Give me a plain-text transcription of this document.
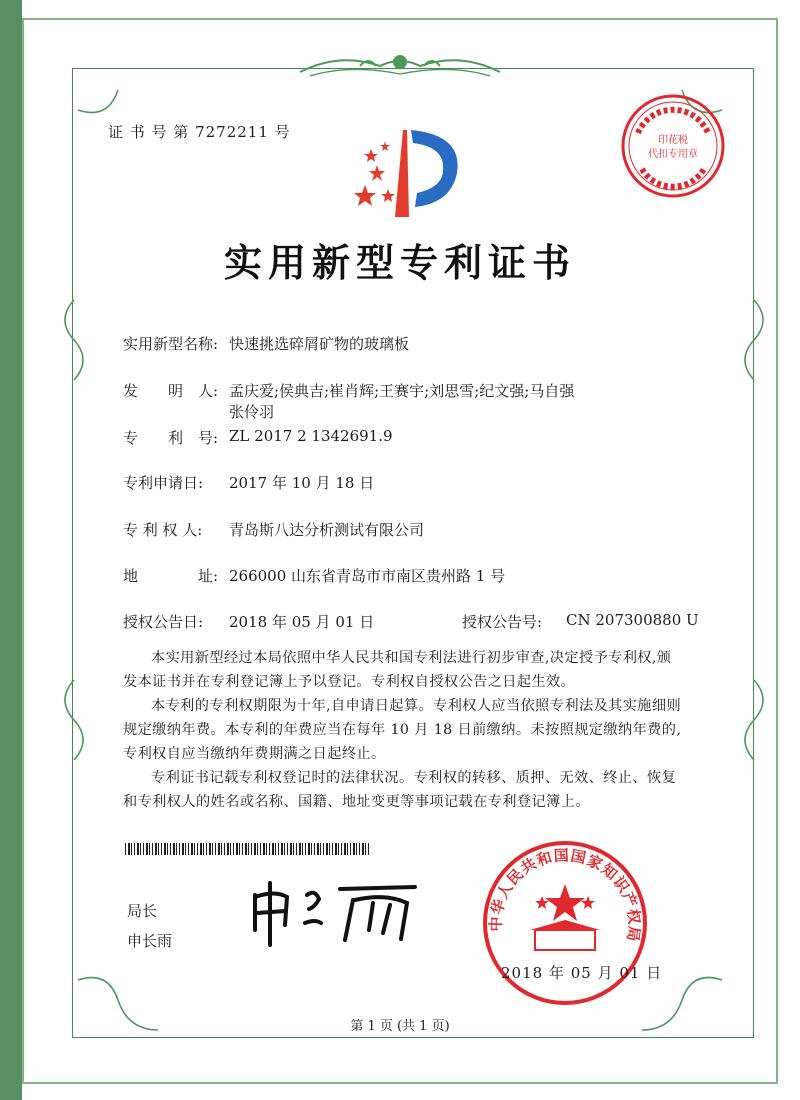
证 书 号 第 7272211 号	印花税
代扣专用章
实用新型专利证书
实用新型名称: 快速挑选碎屑矿物的玻璃板
发　　明　人: 孟庆爱;侯典吉;崔肖辉;王赛宇;刘思雪;纪文强;马自强
张伶羽
专　　利　号: ZL 2017 2 1342691.9
专利申请日: 2017 年 10 月 18 日
专 利 权 人: 青岛斯八达分析测试有限公司
地　　　　址: 266000 山东省青岛市市南区贵州路 1 号
授权公告日: 2018 年 05 月 01 日	授权公告号: CN 207300880 U

本实用新型经过本局依照中华人民共和国专利法进行初步审查,决定授予专利权,颁发本证书并在专利登记簿上予以登记。专利权自授权公告之日起生效。

本专利的专利权期限为十年,自申请日起算。专利权人应当依照专利法及其实施细则规定缴纳年费。本专利的年费应当在每年 10 月 18 日前缴纳。未按照规定缴纳年费的,专利权自应当缴纳年费期满之日起终止。

专利证书记载专利权登记时的法律状况。专利权的转移、质押、无效、终止、恢复和专利权人的姓名或名称、国籍、地址变更等事项记载在专利登记簿上。

局长
申长雨
中华人民共和国国家知识产权局
2018 年 05 月 01 日
第 1 页 (共 1 页)
